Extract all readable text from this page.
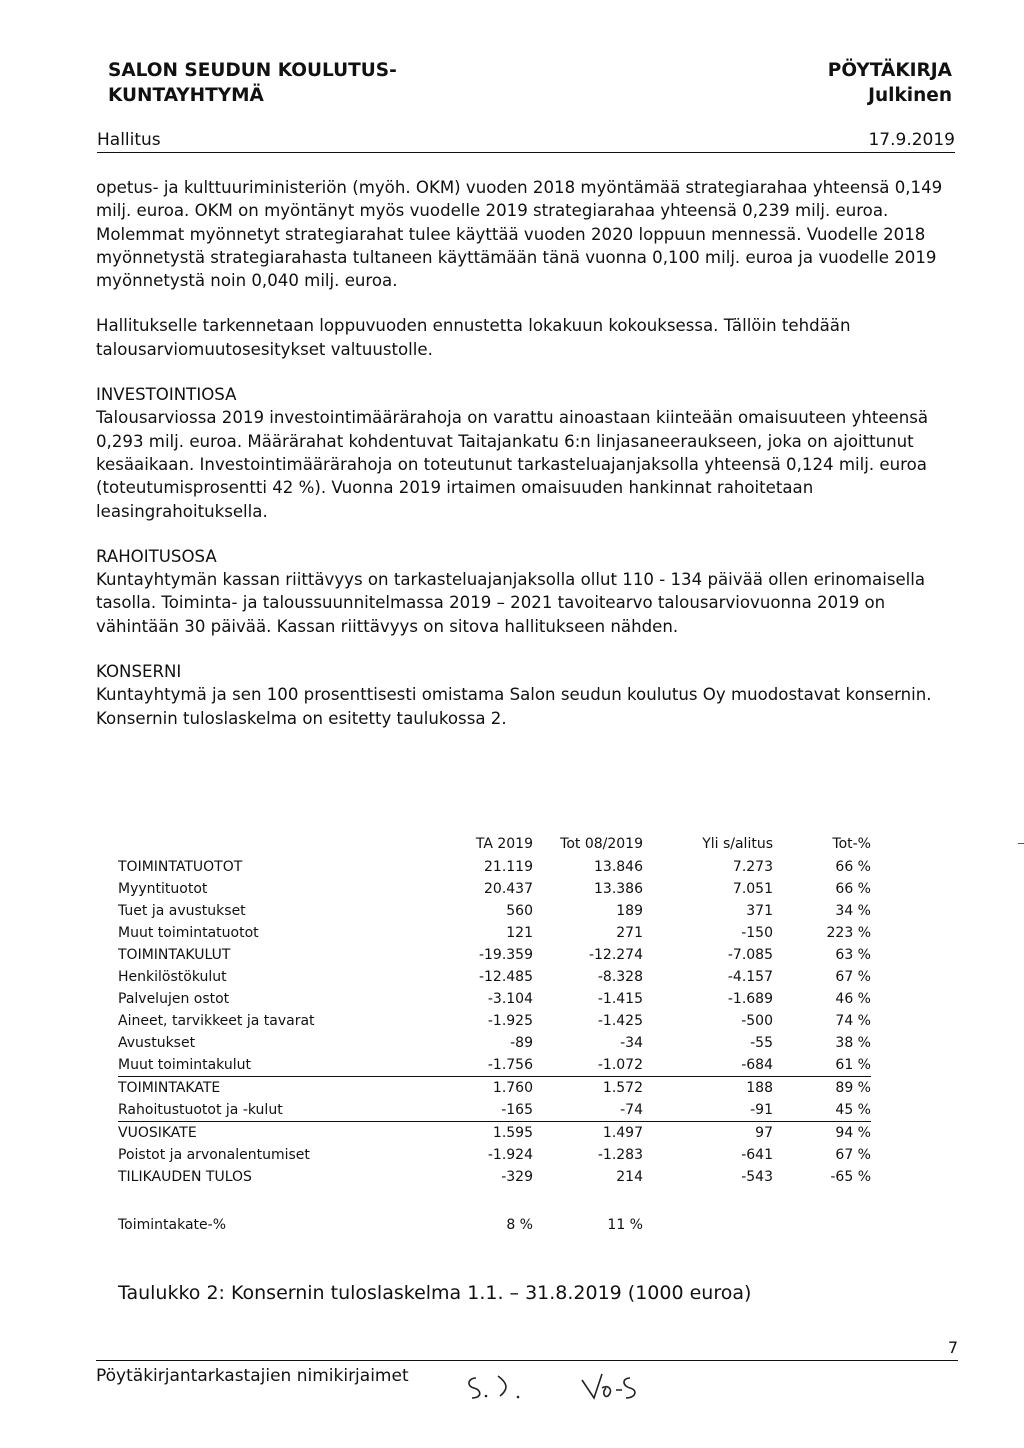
SALON SEUDUN KOULUTUS-
KUNTAYHTYMÄ
PÖYTÄKIRJA
Julkinen
Hallitus	17.9.2019

opetus- ja kulttuuriministeriön (myöh. OKM) vuoden 2018 myöntämää strategiarahaa yhteensä 0,149 milj. euroa. OKM on myöntänyt myös vuodelle 2019 strategiarahaa yhteensä 0,239 milj. euroa. Molemmat myönnetyt strategiarahat tulee käyttää vuoden 2020 loppuun mennessä. Vuodelle 2018 myönnetystä strategiarahasta tultaneen käyttämään tänä vuonna 0,100 milj. euroa ja vuodelle 2019 myönnetystä noin 0,040 milj. euroa.

Hallitukselle tarkennetaan loppuvuoden ennustetta lokakuun kokouksessa. Tällöin tehdään talousarviomuutosesitykset valtuustolle.

INVESTOINTIOSA
Talousarviossa 2019 investointimäärärahoja on varattu ainoastaan kiinteään omaisuuteen yhteensä 0,293 milj. euroa. Määrärahat kohdentuvat Taitajankatu 6:n linjasaneeraukseen, joka on ajoittunut kesäaikaan. Investointimäärärahoja on toteutunut tarkasteluajanjaksolla yhteensä 0,124 milj. euroa (toteutumisprosentti 42 %). Vuonna 2019 irtaimen omaisuuden hankinnat rahoitetaan leasingrahoituksella.

RAHOITUSOSA
Kuntayhtymän kassan riittävyys on tarkasteluajanjaksolla ollut 110 - 134 päivää ollen erinomaisella tasolla. Toiminta- ja taloussuunnitelmassa 2019 – 2021 tavoitearvo talousarviovuonna 2019 on vähintään 30 päivää. Kassan riittävyys on sitova hallitukseen nähden.

KONSERNI
Kuntayhtymä ja sen 100 prosenttisesti omistama Salon seudun koulutus Oy muodostavat konsernin. Konsernin tuloslaskelma on esitetty taulukossa 2.

	TA 2019	Tot 08/2019	Yli s/alitus	Tot-%
TOIMINTATUOTOT	21.119	13.846	7.273	66 %
Myyntituotot	20.437	13.386	7.051	66 %
Tuet ja avustukset	560	189	371	34 %
Muut toimintatuotot	121	271	-150	223 %
TOIMINTAKULUT	-19.359	-12.274	-7.085	63 %
Henkilöstökulut	-12.485	-8.328	-4.157	67 %
Palvelujen ostot	-3.104	-1.415	-1.689	46 %
Aineet, tarvikkeet ja tavarat	-1.925	-1.425	-500	74 %
Avustukset	-89	-34	-55	38 %
Muut toimintakulut	-1.756	-1.072	-684	61 %
TOIMINTAKATE	1.760	1.572	188	89 %
Rahoitustuotot ja -kulut	-165	-74	-91	45 %
VUOSIKATE	1.595	1.497	97	94 %
Poistot ja arvonalentumiset	-1.924	-1.283	-641	67 %
TILIKAUDEN TULOS	-329	214	-543	-65 %

Toimintakate-%	8 %	11 %		
Taulukko 2: Konsernin tuloslaskelma 1.1. – 31.8.2019 (1000 euroa)
7
Pöytäkirjantarkastajien nimikirjaimet
